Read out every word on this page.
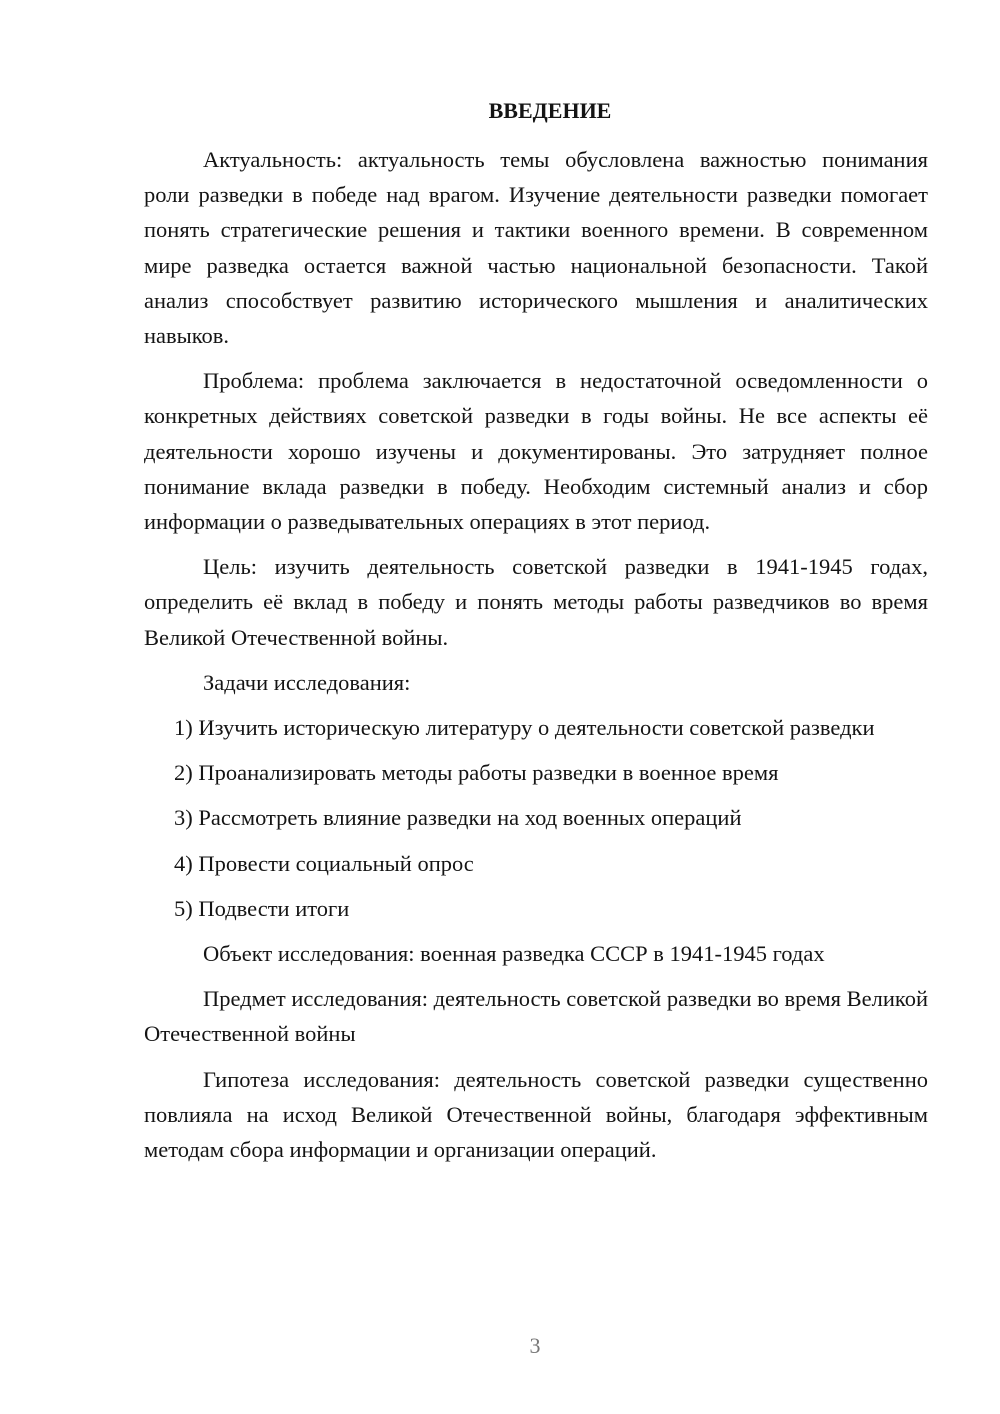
ВВЕДЕНИЕ

Актуальность: актуальность темы обусловлена важностью понимания роли разведки в победе над врагом. Изучение деятельности разведки помогает понять стратегические решения и тактики военного времени. В современном мире разведка остается важной частью национальной безопасности. Такой анализ способствует развитию исторического мышления и аналитических навыков.

Проблема: проблема заключается в недостаточной осведомленности о конкретных действиях советской разведки в годы войны. Не все аспекты её деятельности хорошо изучены и документированы. Это затрудняет полное понимание вклада разведки в победу. Необходим системный анализ и сбор информации о разведывательных операциях в этот период.

Цель: изучить деятельность советской разведки в 1941-1945 годах, определить её вклад в победу и понять методы работы разведчиков во время Великой Отечественной войны.

Задачи исследования:

1) Изучить историческую литературу о деятельности советской разведки

2) Проанализировать методы работы разведки в военное время

3) Рассмотреть влияние разведки на ход военных операций

4) Провести социальный опрос

5) Подвести итоги

Объект исследования: военная разведка СССР в 1941-1945 годах

Предмет исследования: деятельность советской разведки во время Великой Отечественной войны

Гипотеза исследования: деятельность советской разведки существенно повлияла на исход Великой Отечественной войны, благодаря эффективным методам сбора информации и организации операций.

3
